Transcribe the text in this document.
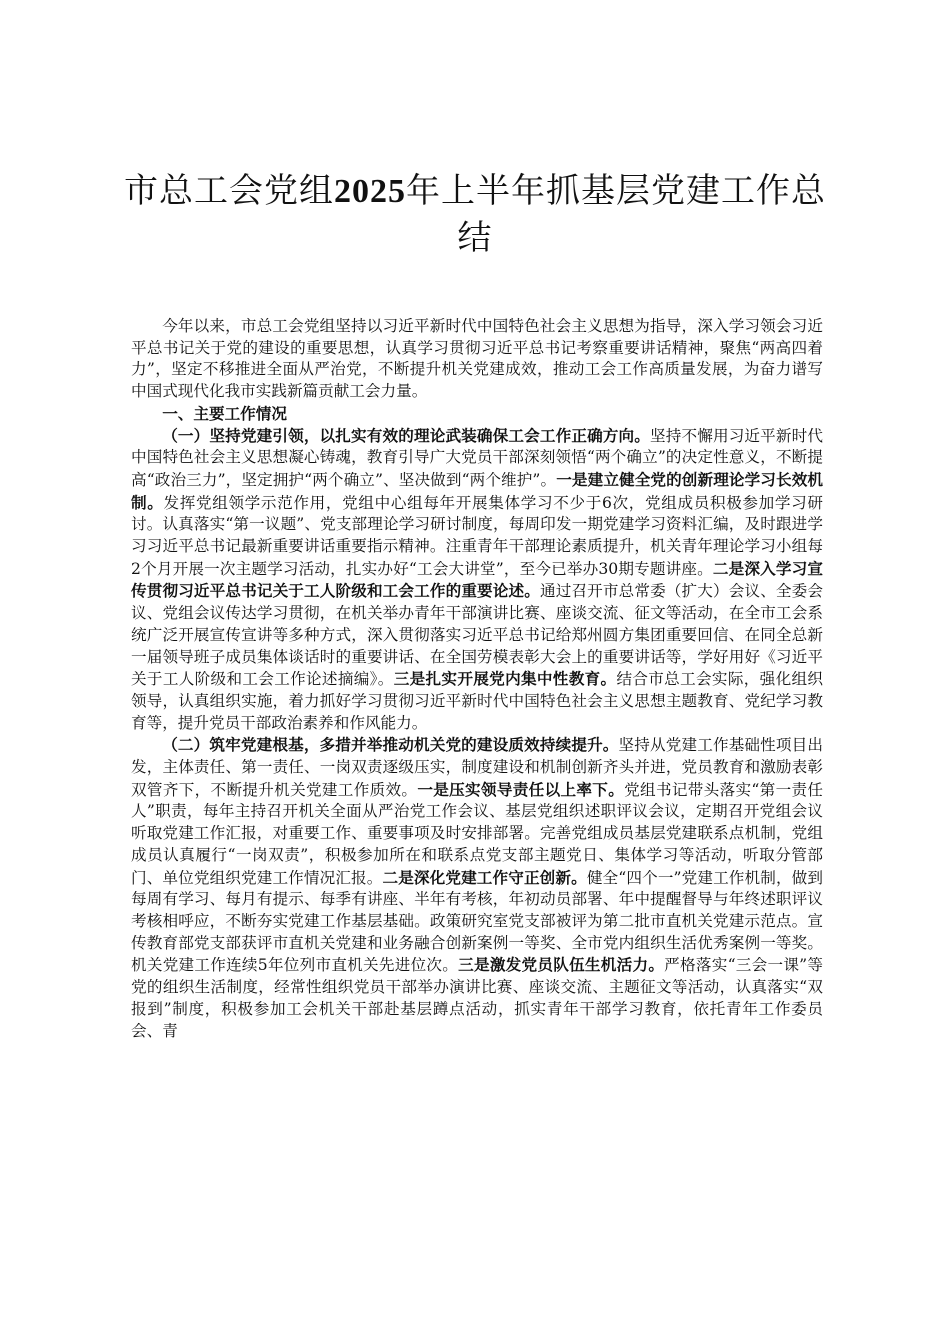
市总工会党组2025年上半年抓基层党建工作总结

今年以来，市总工会党组坚持以习近平新时代中国特色社会主义思想为指导，深入学习领会习近平总书记关于党的建设的重要思想，认真学习贯彻习近平总书记考察重要讲话精神，聚焦“两高四着力”，坚定不移推进全面从严治党，不断提升机关党建成效，推动工会工作高质量发展，为奋力谱写中国式现代化我市实践新篇贡献工会力量。

一、主要工作情况

（一）坚持党建引领，以扎实有效的理论武装确保工会工作正确方向。坚持不懈用习近平新时代中国特色社会主义思想凝心铸魂，教育引导广大党员干部深刻领悟“两个确立”的决定性意义，不断提高“政治三力”，坚定拥护“两个确立”、坚决做到“两个维护”。一是建立健全党的创新理论学习长效机制。发挥党组领学示范作用，党组中心组每年开展集体学习不少于6次，党组成员积极参加学习研讨。认真落实“第一议题”、党支部理论学习研讨制度，每周印发一期党建学习资料汇编，及时跟进学习习近平总书记最新重要讲话重要指示精神。注重青年干部理论素质提升，机关青年理论学习小组每2个月开展一次主题学习活动，扎实办好“工会大讲堂”，至今已举办30期专题讲座。二是深入学习宣传贯彻习近平总书记关于工人阶级和工会工作的重要论述。通过召开市总常委（扩大）会议、全委会议、党组会议传达学习贯彻，在机关举办青年干部演讲比赛、座谈交流、征文等活动，在全市工会系统广泛开展宣传宣讲等多种方式，深入贯彻落实习近平总书记给郑州圆方集团重要回信、在同全总新一届领导班子成员集体谈话时的重要讲话、在全国劳模表彰大会上的重要讲话等，学好用好《习近平关于工人阶级和工会工作论述摘编》。三是扎实开展党内集中性教育。结合市总工会实际，强化组织领导，认真组织实施，着力抓好学习贯彻习近平新时代中国特色社会主义思想主题教育、党纪学习教育等，提升党员干部政治素养和作风能力。

（二）筑牢党建根基，多措并举推动机关党的建设质效持续提升。坚持从党建工作基础性项目出发，主体责任、第一责任、一岗双责逐级压实，制度建设和机制创新齐头并进，党员教育和激励表彰双管齐下，不断提升机关党建工作质效。一是压实领导责任以上率下。党组书记带头落实“第一责任人”职责，每年主持召开机关全面从严治党工作会议、基层党组织述职评议会议，定期召开党组会议听取党建工作汇报，对重要工作、重要事项及时安排部署。完善党组成员基层党建联系点机制，党组成员认真履行“一岗双责”，积极参加所在和联系点党支部主题党日、集体学习等活动，听取分管部门、单位党组织党建工作情况汇报。二是深化党建工作守正创新。健全“四个一”党建工作机制，做到每周有学习、每月有提示、每季有讲座、半年有考核，年初动员部署、年中提醒督导与年终述职评议考核相呼应，不断夯实党建工作基层基础。政策研究室党支部被评为第二批市直机关党建示范点。宣传教育部党支部获评市直机关党建和业务融合创新案例一等奖、全市党内组织生活优秀案例一等奖。机关党建工作连续5年位列市直机关先进位次。三是激发党员队伍生机活力。严格落实“三会一课”等党的组织生活制度，经常性组织党员干部举办演讲比赛、座谈交流、主题征文等活动，认真落实“双报到”制度，积极参加工会机关干部赴基层蹲点活动，抓实青年干部学习教育，依托青年工作委员会、青
